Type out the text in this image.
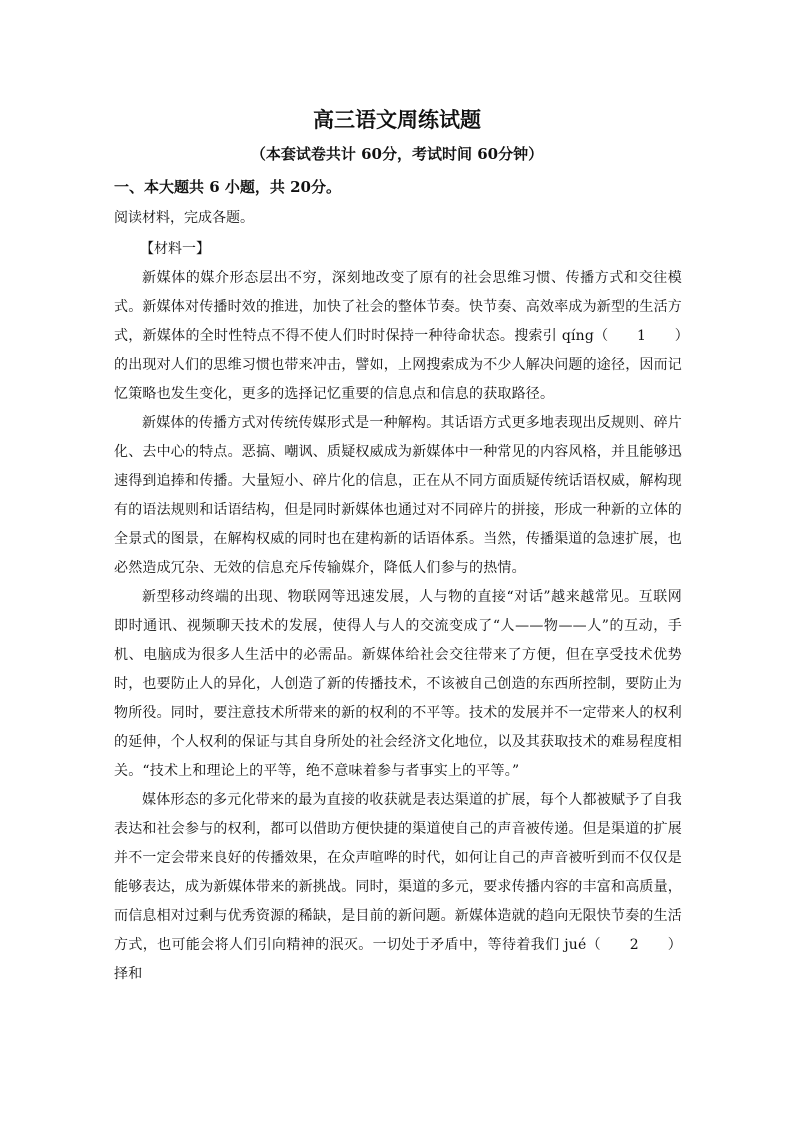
高三语文周练试题
（本套试卷共计 60分，考试时间 60分钟）
一、本大题共 6 小题，共 20分。
阅读材料，完成各题。
【材料一】

新媒体的媒介形态层出不穷，深刻地改变了原有的社会思维习惯、传播方式和交往模式。新媒体对传播时效的推进，加快了社会的整体节奏。快节奏、高效率成为新型的生活方式，新媒体的全时性特点不得不使人们时时保持一种待命状态。搜索引 qíng（　　1　　）的出现对人们的思维习惯也带来冲击，譬如，上网搜索成为不少人解决问题的途径，因而记忆策略也发生变化，更多的选择记忆重要的信息点和信息的获取路径。

新媒体的传播方式对传统传媒形式是一种解构。其话语方式更多地表现出反规则、碎片化、去中心的特点。恶搞、嘲讽、质疑权威成为新媒体中一种常见的内容风格，并且能够迅速得到追捧和传播。大量短小、碎片化的信息，正在从不同方面质疑传统话语权威，解构现有的语法规则和话语结构，但是同时新媒体也通过对不同碎片的拼接，形成一种新的立体的全景式的图景，在解构权威的同时也在建构新的话语体系。当然，传播渠道的急速扩展，也必然造成冗杂、无效的信息充斥传输媒介，降低人们参与的热情。

新型移动终端的出现、物联网等迅速发展，人与物的直接“对话”越来越常见。互联网即时通讯、视频聊天技术的发展，使得人与人的交流变成了“人——物——人”的互动，手机、电脑成为很多人生活中的必需品。新媒体给社会交往带来了方便，但在享受技术优势时，也要防止人的异化，人创造了新的传播技术，不该被自己创造的东西所控制，要防止为物所役。同时，要注意技术所带来的新的权利的不平等。技术的发展并不一定带来人的权利的延伸，个人权利的保证与其自身所处的社会经济文化地位，以及其获取技术的难易程度相关。“技术上和理论上的平等，绝不意味着参与者事实上的平等。”

媒体形态的多元化带来的最为直接的收获就是表达渠道的扩展，每个人都被赋予了自我表达和社会参与的权利，都可以借助方便快捷的渠道使自己的声音被传递。但是渠道的扩展并不一定会带来良好的传播效果，在众声喧哗的时代，如何让自己的声音被听到而不仅仅是能够表达，成为新媒体带来的新挑战。同时，渠道的多元，要求传播内容的丰富和高质量，而信息相对过剩与优秀资源的稀缺，是目前的新问题。新媒体造就的趋向无限快节奏的生活方式，也可能会将人们引向精神的泯灭。一切处于矛盾中，等待着我们 jué（　　2　　）择和
